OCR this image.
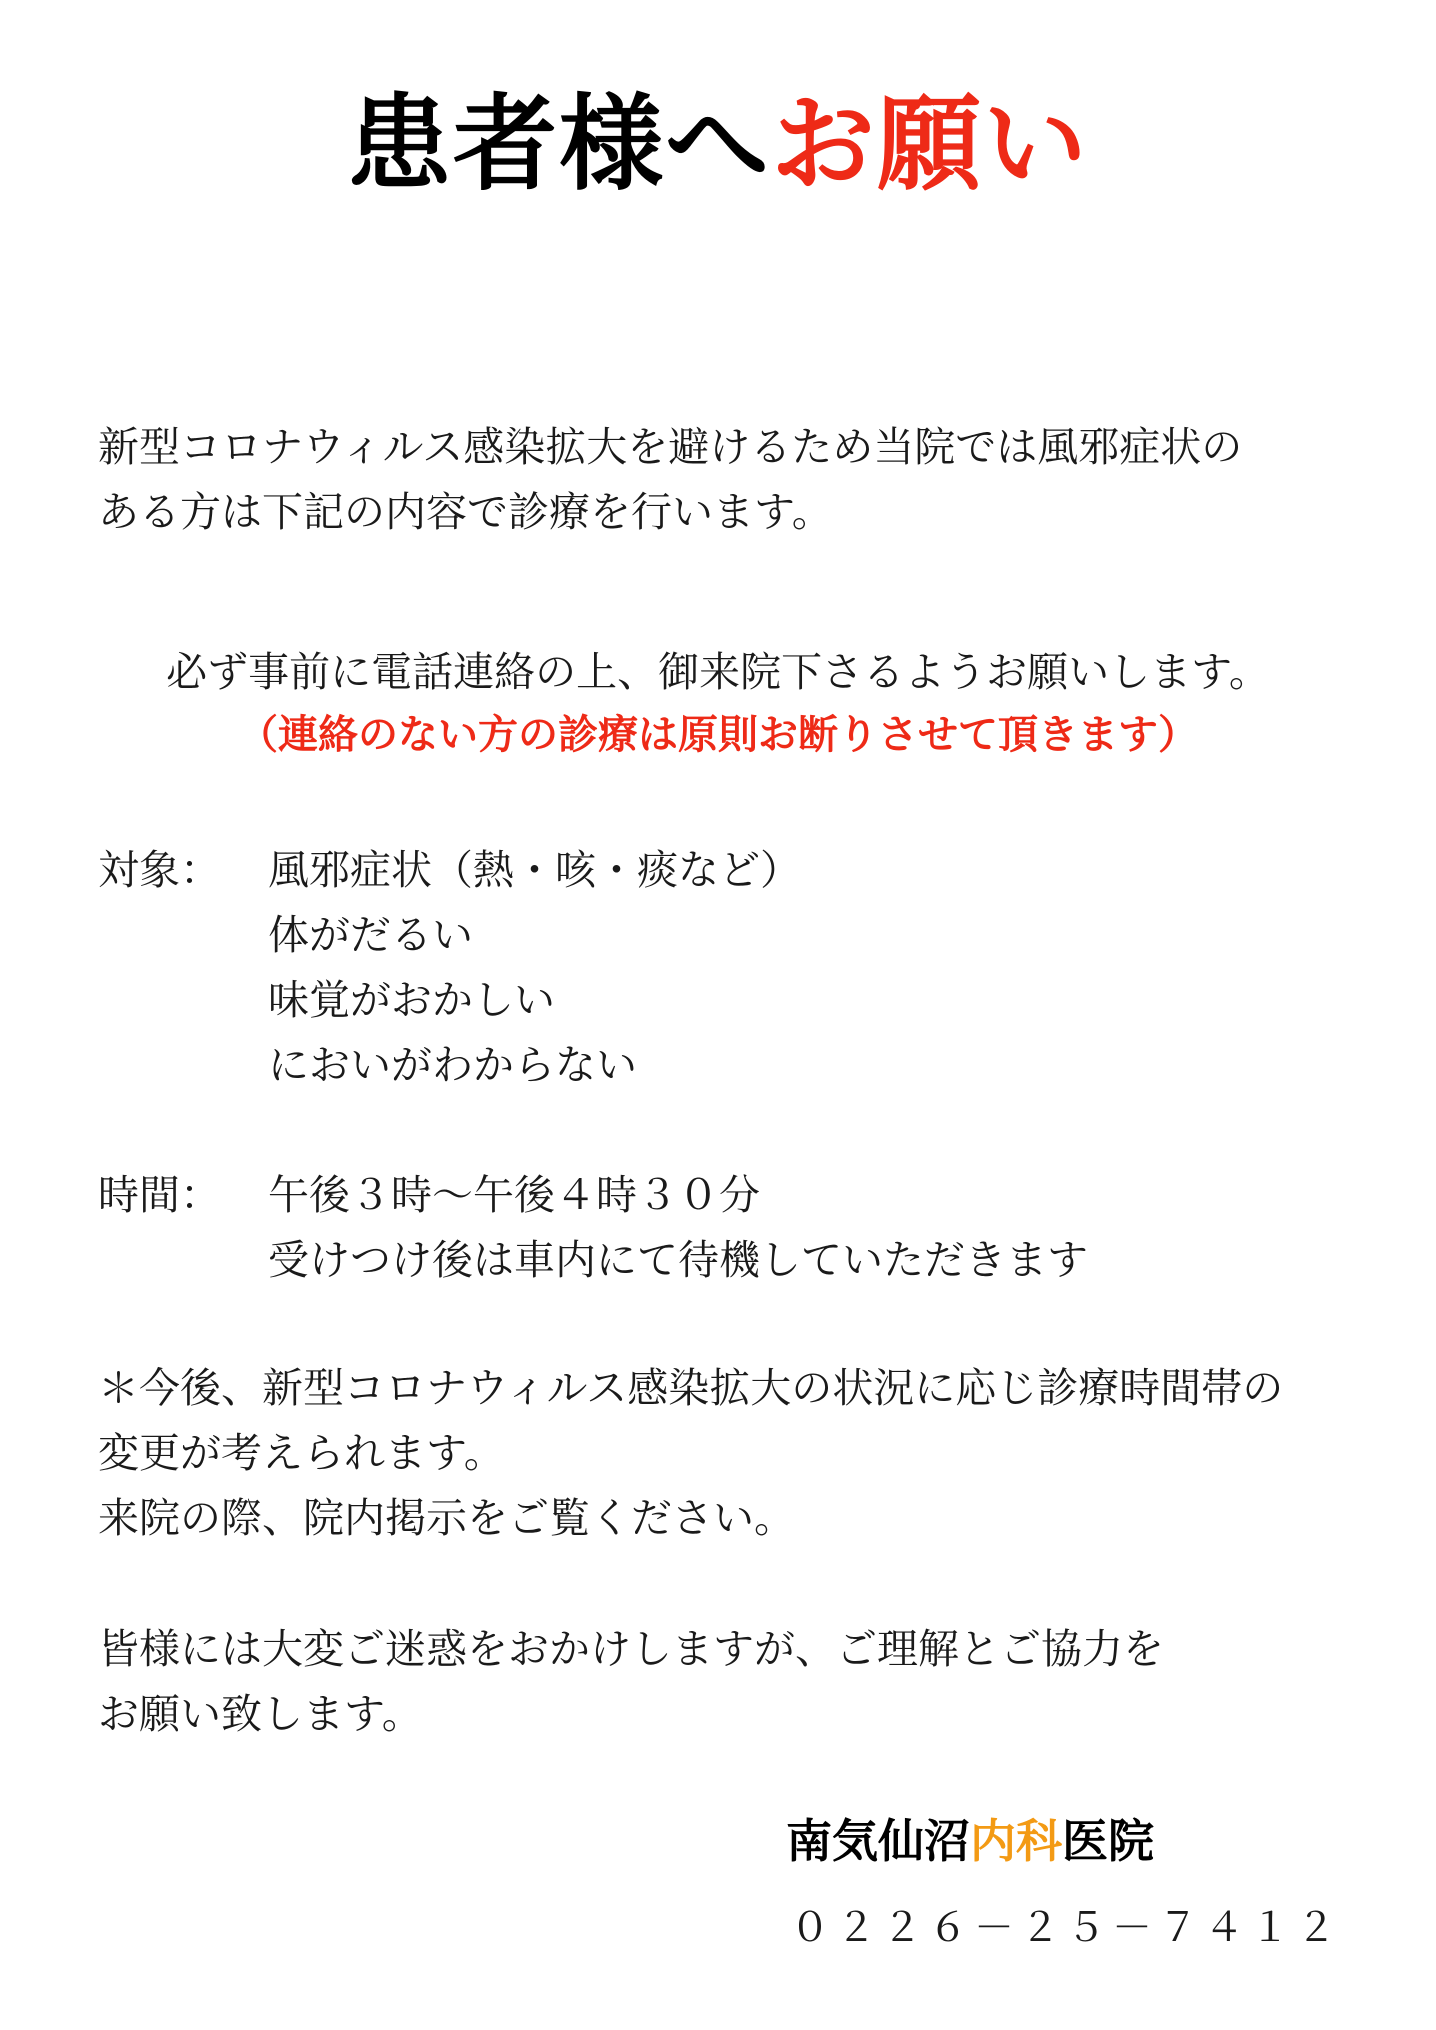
患者様へお願い

新型コロナウィルス感染拡大を避けるため当院では風邪症状の

ある方は下記の内容で診療を行います。

必ず事前に電話連絡の上、御来院下さるようお願いします。
（連絡のない方の診療は原則お断りさせて頂きます）
対象： 風邪症状（熱・咳・痰など）
体がだるい
味覚がおかしい
においがわからない
時間： 午後３時〜午後４時３０分
受けつけ後は車内にて待機していただきます

＊今後、新型コロナウィルス感染拡大の状況に応じ診療時間帯の

変更が考えられます。

来院の際、院内掲示をご覧ください。

皆様には大変ご迷惑をおかけしますが、ご理解とご協力を

お願い致します。

南気仙沼内科医院
０２２６－２５－７４１２
